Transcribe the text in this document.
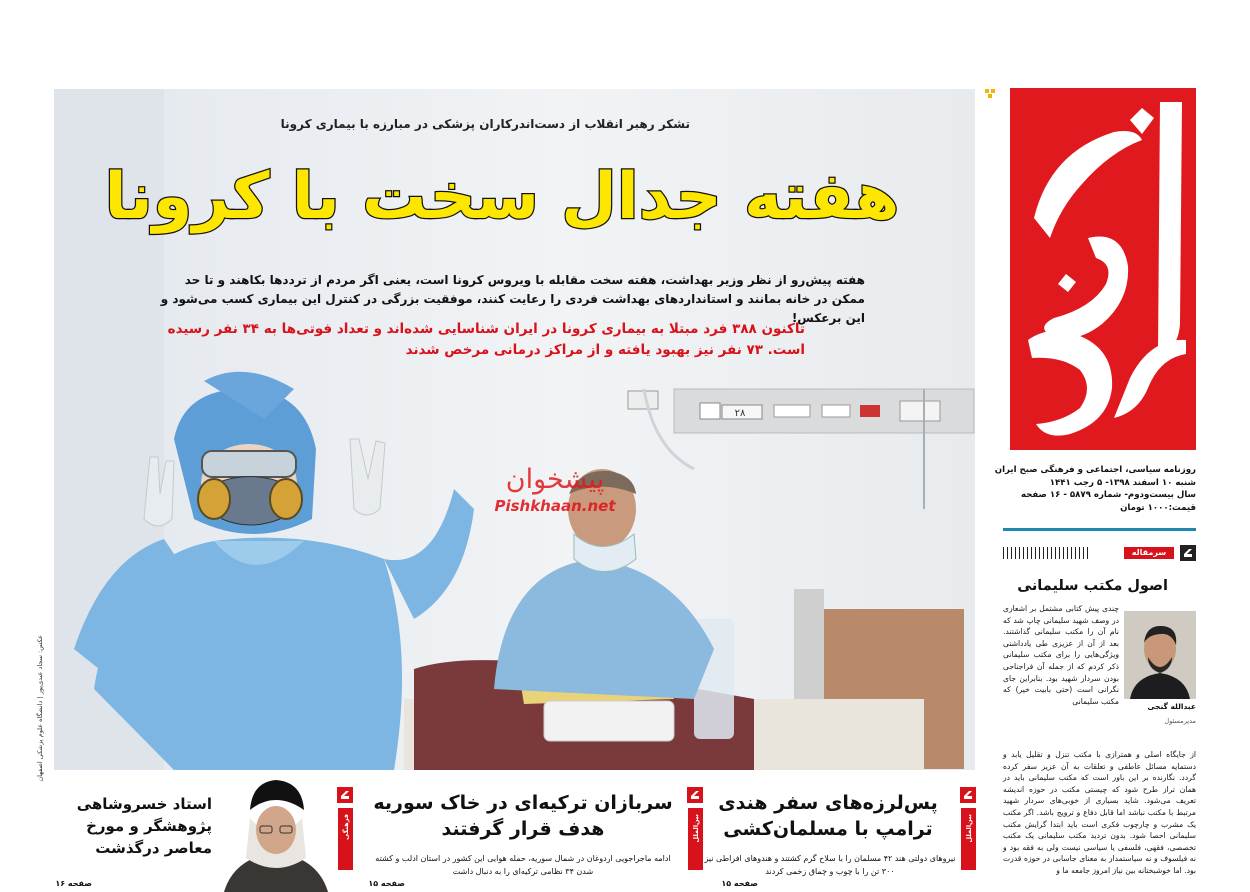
روزنامه سیاسی، اجتماعی و فرهنگی صبح ایران
شنبه ۱۰ اسفند ۱۳۹۸- ۵ رجب ۱۴۴۱
سال بیست‌ودوم- شماره ۵۸۷۹ - ۱۶ صفحه
قیمت:۱۰۰۰ تومان
سرمقاله
اصول مکتب سلیمانی
عبدالله گنجی
مدیرمسئول
چندی پیش کتابی مشتمل بر اشعاری در وصف شهید سلیمانی چاپ شد که نام آن را مکتب سلیمانی گذاشتند. بعد از آن از عزیزی طی یادداشتی ویژگی‌هایی را برای مکتب سلیمانی ذکر کردم که از جمله آن فراجناحی بودن سردار شهید بود. بنابراین جای نگرانی است (حتی بابیت خیر) که مکتب سلیمانی
از جایگاه اصلی و همترازی با مکتب تنزل و تقلیل یابد و دستمایه مسائل عاطفی و تعلقات به آن عزیز سفر کرده گردد. نگارنده بر این باور است که مکتب سلیمانی باید در همان تراز طرح شود که چیستی مکتب در حوزه اندیشه تعریف می‌شود. شاید بسیاری از خوبی‌های سردار شهید مرتبط با مکتب نباشد اما قابل دفاع و ترویج باشد. اگر مکتب یک مشرب و چارچوب فکری است باید ابتدا گرایش مکتب سلیمانی احصا شود. بدون تردید مکتب سلیمانی یک مکتب تخصصی، فقهی، فلسفی یا سیاسی نیست ولی به فقه بود و نه فیلسوف و نه سیاستمدار به معنای جاسابی در حوزه قدرت بود. اما خوشبختانه بین نیاز امروز جامعه ما و
۲۸
عکس: سجاد عبدی‌پور | دانشگاه علوم پزشکی اصفهان
تشکر رهبر انقلاب از دست‌اندرکاران پزشکی در مبارزه با بیماری کرونا
هفته جدال سخت با کرونا
هفته پیش‌رو از نظر وزیر بهداشت، هفته سخت مقابله با ویروس کرونا است، یعنی اگر مردم از ترددها بکاهند و تا حد ممکن در خانه بمانند و استانداردهای بهداشت فردی را رعایت کنند، موفقیت بزرگی در کنترل این بیماری کسب می‌شود و این برعکس!
تاکنون ۳۸۸ فرد مبتلا به بیماری کرونا در ایران شناسایی شده‌اند و تعداد فوتی‌ها به ۳۴ نفر رسیده است. ۷۳ نفر نیز بهبود یافته و از مراکز درمانی مرخص شدند
پیشخوان
Pishkhaan.net
بین‌الملل
پس‌لرزه‌های سفر هندی ترامپ با مسلمان‌کشی
نیروهای دولتی هند ۴۲ مسلمان را با سلاح گرم کشتند و هندوهای افراطی نیز ۳۰۰ تن را با چوب و چماق زخمی کردند
صفحه ۱۵
بین‌الملل
سربازان ترکیه‌ای در خاک سوریه هدف قرار گرفتند
ادامه ماجراجویی اردوغان در شمال سوریه، حمله هوایی این کشور در استان ادلب و کشته شدن ۳۴ نظامی ترکیه‌ای را به دنبال داشت
صفحه ۱۵
فرهنگی
استاد خسروشاهی پژوهشگر و مورخ معاصر درگذشت
صفحه ۱۶
